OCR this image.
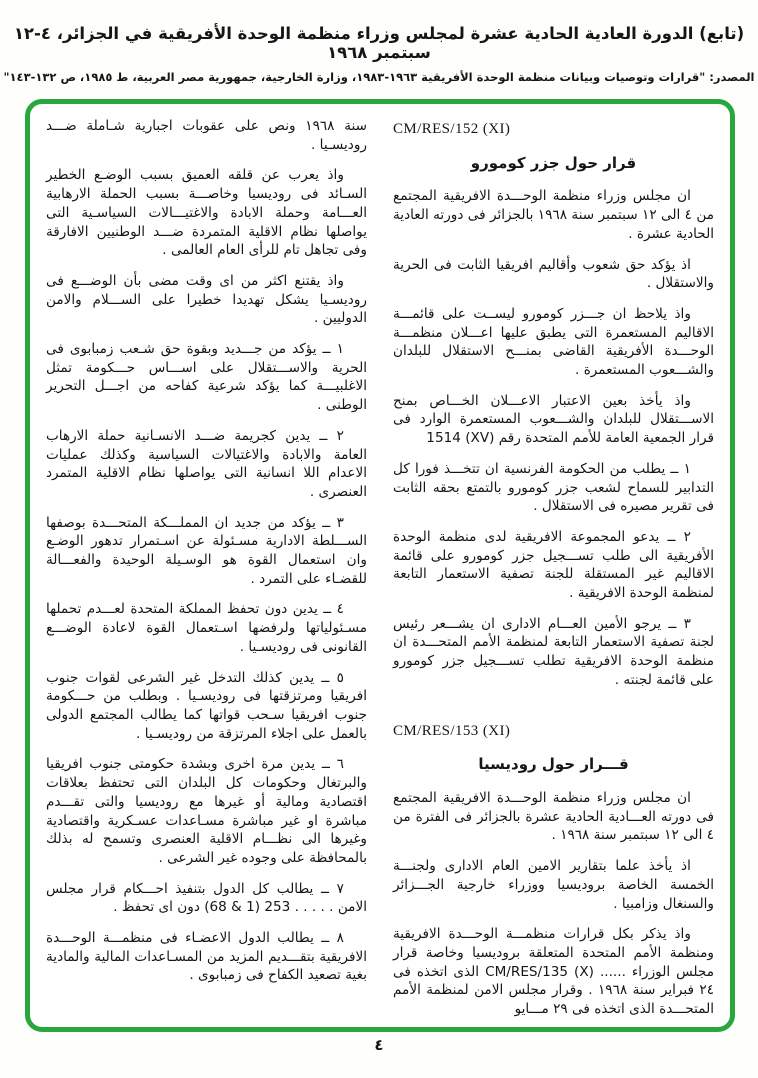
(تابع) الدورة العادية الحادية عشرة لمجلس وزراء منظمة الوحدة الأفريقية في الجزائر، ٤-١٢ سبتمبر ١٩٦٨
المصدر: "قرارات وتوصيات وبيانات منظمة الوحدة الأفريقية ١٩٦٣-١٩٨٣، وزارة الخارجية، جمهورية مصر العربية، ط ١٩٨٥، ص ١٣٢-١٤٣"
CM/RES/152 (XI)
قرار حول جزر كومورو

ان مجلس وزراء منظمة الوحـــدة الافريقية المجتمع من ٤ الى ١٢ سبتمبر سنة ١٩٦٨ بالجزائر فى دورته العادية الحادية عشرة .

اذ يؤكد حق شعوب وأقاليم افريقيا الثابت فى الحرية والاستقلال .

واذ يلاحظ ان جـــزر كومورو ليســت على قائمـــة الاقاليم المستعمرة التى يطبق عليها اعـــلان منظمـــة الوحـــدة الأفريقية القاضى بمنـــح الاستقلال للبلدان والشـــعوب المستعمرة .

واذ يأخذ بعين الاعتبار الاعـــلان الخـــاص بمنح الاســـتقلال للبلدان والشـــعوب المستعمرة الوارد فى قرار الجمعية العامة للأمم المتحدة رقم ‎1514 (XV)‎

١ ــ يطلب من الحكومة الفرنسية ان تتخـــذ فورا كل التدابير للسماح لشعب جزر كومورو بالتمتع بحقه الثابت فى تقرير مصيره فى الاستقلال .

٢ ــ يدعو المجموعة الافريقية لدى منظمة الوحدة الأفريقية الى طلب تســـجيل جزر كومورو على قائمة الاقاليم غير المستقلة للجنة تصفية الاستعمار التابعة لمنظمة الوحدة الافريقية .

٣ ــ يرجو الأمين العـــام الادارى ان يشـــعر رئيس لجنة تصفية الاستعمار التابعة لمنظمة الأمم المتحـــدة ان منظمة الوحدة الافريقية تطلب تســـجيل جزر كومورو على قائمة لجنته .

CM/RES/153 (XI)
قـــرار حول روديسيا

ان مجلس وزراء منظمة الوحـــدة الافريقية المجتمع فى دورته العـــادية الحادية عشرة بالجزائر فى الفترة من ٤ الى ١٢ سبتمبر سنة ١٩٦٨ .

اذ يأخذ علما بتقارير الامين العام الادارى ولجنـــة الخمسة الخاصة بروديسيا ووزراء خارجية الجـــزائر والسنغال وزامبيا .

واذ يذكر بكل قرارات منظمـــة الوحـــدة الافريقية ومنظمة الأمم المتحدة المتعلقة بروديسيا وخاصة قرار مجلس الوزراء ...... CM/RES/135 (X) الذى اتخذه فى ٢٤ فبراير سنة ١٩٦٨ . وقرار مجلس الامن لمنظمة الأمم المتحـــدة الذى اتخذه فى ٢٩ مـــايو

سنة ١٩٦٨ ونص على عقوبات اجبارية شـاملة ضـــد روديسـيا .

واذ يعرب عن قلقه العميق بسبب الوضـع الخطير السـائد فى روديسيا وخاصـــة بسبب الحملة الارهابية العـــامة وحملة الابادة والاغتيـــالات السياسـية التى يواصلها نظام الاقلية المتمردة ضـــد الوطنيين الافارقة وفى تجاهل تام للرأى العام العالمى .

واذ يقتنع اكثر من اى وقت مضى بأن الوضـــع فى روديسـيا يشكل تهديدا خطيرا على الســـلام والامن الدوليين .

١ ــ يؤكد من جـــديد وبقوة حق شـعب زمبابوى فى الحرية والاســـتقلال على اســـاس حـــكومة تمثل الاغلبيـــة كما يؤكد شرعية كفاحه من اجـــل التحرير الوطنى .

٢ ــ يدين كجريمة ضـــد الانسـانية حملة الارهاب العامة والابادة والاغتيالات السياسية وكذلك عمليات الاعدام اللا انسانية التى يواصلها نظام الاقلية المتمرد العنصرى .

٣ ــ يؤكد من جديد ان المملـــكة المتحـــدة بوصفها الســـلطة الادارية مسـئولة عن اسـتمرار تدهور الوضـع وان استعمال القوة هو الوسـيلة الوحيدة والفعـــالة للقضـاء على التمرد .

٤ ــ يدين دون تحفظ المملكة المتحدة لعـــدم تحملها مسـئولياتها ولرفضها اسـتعمال القوة لاعادة الوضـــع القانونى فى روديسـيا .

٥ ــ يدين كذلك التدخل غير الشرعى لقوات جنوب افريقيا ومرتزقتها فى روديسـيا . وبطلب من حـــكومة جنوب افريقيا سـحب قواتها كما يطالب المجتمع الدولى بالعمل على اجلاء المرتزقة من روديسـيا .

٦ ــ يدين مرة اخرى وبشدة حكومتى جنوب افريقيا والبرتغال وحكومات كل البلدان التى تحتفظ بعلاقات اقتصادية ومالية أو غيرها مع روديسيا والتى تقـــدم مباشرة او غير مباشرة مسـاعدات عسـكرية واقتصادية وغيرها الى نظـــام الاقلية العنصرى وتسمح له بذلك بالمحافظة على وجوده غير الشرعى .

٧ ــ يطالب كل الدول بتنفيذ احـــكام قرار مجلس الامن . . . . . 253 (1 & 68) دون اى تحفظ .

٨ ــ يطالب الدول الاعضـاء فى منظمـــة الوحـــدة الافريقية بتقـــديم المزيد من المسـاعدات المالية والمادية بغية تصعيد الكفاح فى زمبابوى .

٤
